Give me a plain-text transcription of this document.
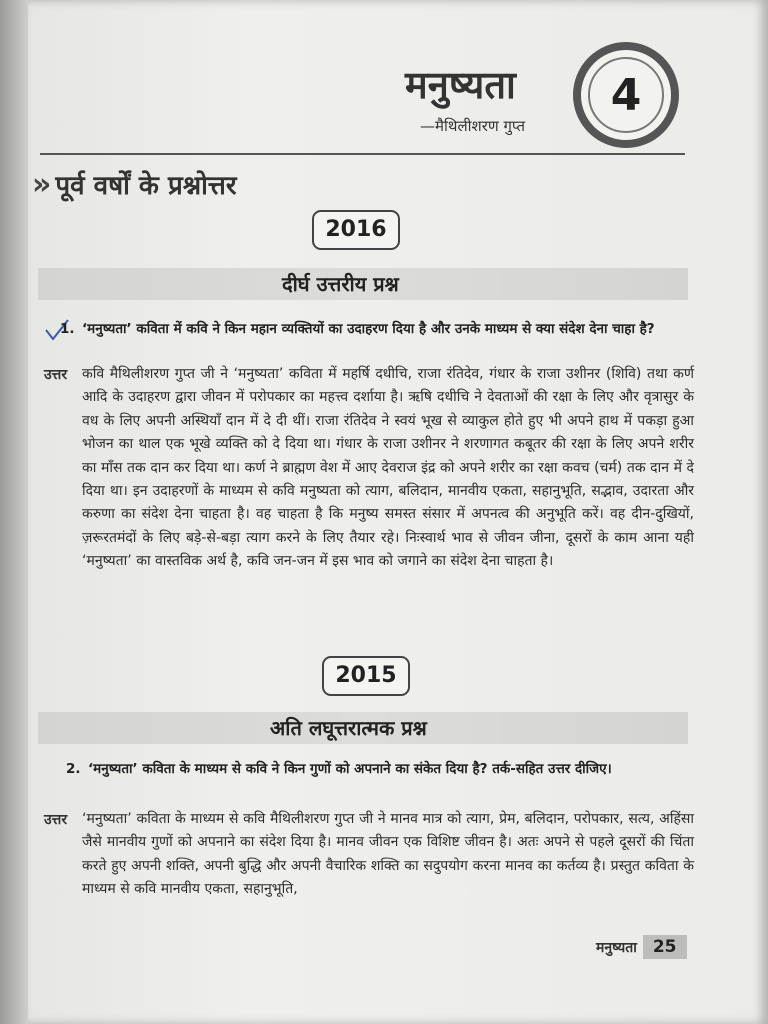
मनुष्यता
—मैथिलीशरण गुप्त
4
» पूर्व वर्षों के प्रश्नोत्तर
2016
दीर्घ उत्तरीय प्रश्न
1. ‘मनुष्यता’ कविता में कवि ने किन महान व्यक्तियों का उदाहरण दिया है और उनके माध्यम से क्या संदेश देना चाहा है?
उत्तर कवि मैथिलीशरण गुप्त जी ने ‘मनुष्यता’ कविता में महर्षि दधीचि, राजा रंतिदेव, गंधार के राजा उशीनर (शिवि) तथा कर्ण आदि के उदाहरण द्वारा जीवन में परोपकार का महत्त्व दर्शाया है। ऋषि दधीचि ने देवताओं की रक्षा के लिए और वृत्रासुर के वध के लिए अपनी अस्थियाँ दान में दे दी थीं। राजा रंतिदेव ने स्वयं भूख से व्याकुल होते हुए भी अपने हाथ में पकड़ा हुआ भोजन का थाल एक भूखे व्यक्ति को दे दिया था। गंधार के राजा उशीनर ने शरणागत कबूतर की रक्षा के लिए अपने शरीर का माँस तक दान कर दिया था। कर्ण ने ब्राह्मण वेश में आए देवराज इंद्र को अपने शरीर का रक्षा कवच (चर्म) तक दान में दे दिया था। इन उदाहरणों के माध्यम से कवि मनुष्यता को त्याग, बलिदान, मानवीय एकता, सहानुभूति, सद्भाव, उदारता और करुणा का संदेश देना चाहता है। वह चाहता है कि मनुष्य समस्त संसार में अपनत्व की अनुभूति करें। वह दीन-दुखियों, ज़रूरतमंदों के लिए बड़े-से-बड़ा त्याग करने के लिए तैयार रहे। निःस्वार्थ भाव से जीवन जीना, दूसरों के काम आना यही ‘मनुष्यता’ का वास्तविक अर्थ है, कवि जन-जन में इस भाव को जगाने का संदेश देना चाहता है।
2015
अति लघूत्तरात्मक प्रश्न
2. ‘मनुष्यता’ कविता के माध्यम से कवि ने किन गुणों को अपनाने का संकेत दिया है? तर्क-सहित उत्तर दीजिए।
उत्तर ‘मनुष्यता’ कविता के माध्यम से कवि मैथिलीशरण गुप्त जी ने मानव मात्र को त्याग, प्रेम, बलिदान, परोपकार, सत्य, अहिंसा जैसे मानवीय गुणों को अपनाने का संदेश दिया है। मानव जीवन एक विशिष्ट जीवन है। अतः अपने से पहले दूसरों की चिंता करते हुए अपनी शक्ति, अपनी बुद्धि और अपनी वैचारिक शक्ति का सदुपयोग करना मानव का कर्तव्य है। प्रस्तुत कविता के माध्यम से कवि मानवीय एकता, सहानुभूति,
मनुष्यता 25
